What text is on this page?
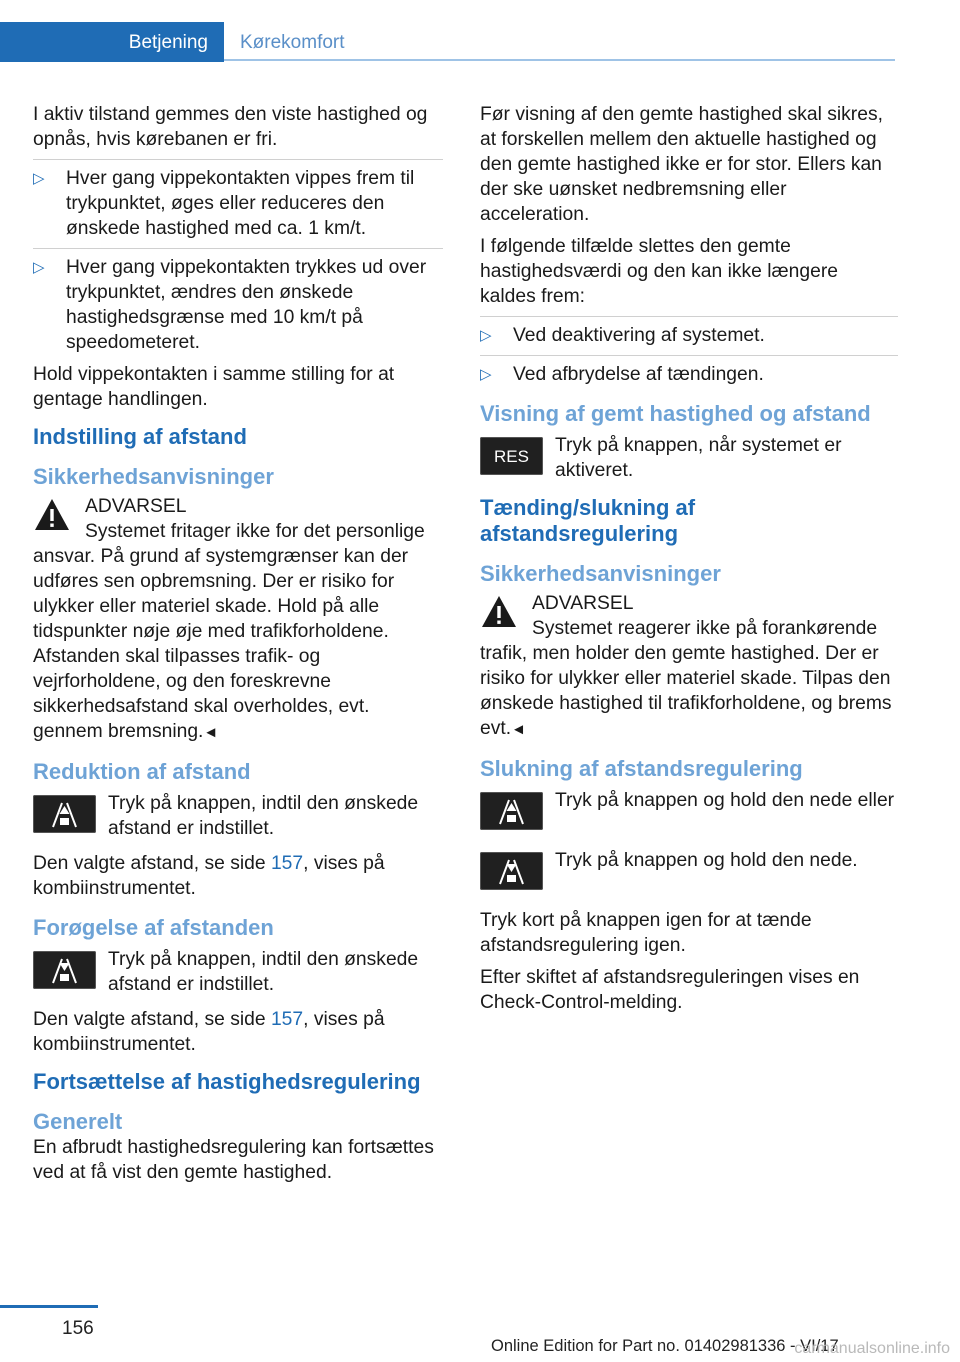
Betjening Kørekomfort

I aktiv tilstand gemmes den viste hastighed og opnås, hvis kørebanen er fri.

▷ Hver gang vippekontakten vippes frem til trykpunktet, øges eller reduceres den ønskede hastighed med ca. 1 km/t.
▷ Hver gang vippekontakten trykkes ud over trykpunktet, ændres den ønskede hastighedsgrænse med 10 km/t på speedometeret.

Hold vippekontakten i samme stilling for at gentage handlingen.

Indstilling af afstand
Sikkerhedsanvisninger
ADVARSEL
Systemet fritager ikke for det personlige ansvar. På grund af systemgrænser kan der udføres sen opbremsning. Der er risiko for ulykker eller materiel skade. Hold på alle tidspunkter nøje øje med trafikforholdene. Afstanden skal tilpasses trafik- og vejrforholdene, og den foreskrevne sikkerhedsafstand skal overholdes, evt. gennem bremsning.◄
Reduktion af afstand
Tryk på knappen, indtil den ønskede afstand er indstillet.

Den valgte afstand, se side 157, vises på kombiinstrumentet.

Forøgelse af afstanden
Tryk på knappen, indtil den ønskede afstand er indstillet.

Den valgte afstand, se side 157, vises på kombiinstrumentet.

Fortsættelse af hastighedsregulering
Generelt

En afbrudt hastighedsregulering kan fortsættes ved at få vist den gemte hastighed.

Før visning af den gemte hastighed skal sikres, at forskellen mellem den aktuelle hastighed og den gemte hastighed ikke er for stor. Ellers kan der ske uønsket nedbremsning eller acceleration.

I følgende tilfælde slettes den gemte hastighedsværdi og den kan ikke længere kaldes frem:

▷ Ved deaktivering af systemet.
▷ Ved afbrydelse af tændingen.
Visning af gemt hastighed og afstand
RES Tryk på knappen, når systemet er aktiveret.
Tænding/slukning af afstandsregulering
Sikkerhedsanvisninger
ADVARSEL
Systemet reagerer ikke på forankørende trafik, men holder den gemte hastighed. Der er risiko for ulykker eller materiel skade. Tilpas den ønskede hastighed til trafikforholdene, og brems evt.◄
Slukning af afstandsregulering
Tryk på knappen og hold den nede eller
Tryk på knappen og hold den nede.

Tryk kort på knappen igen for at tænde afstandsregulering igen.

Efter skiftet af afstandsreguleringen vises en Check-Control-melding.

156
Online Edition for Part no. 01402981336 - VI/17
carmanualsonline.info
